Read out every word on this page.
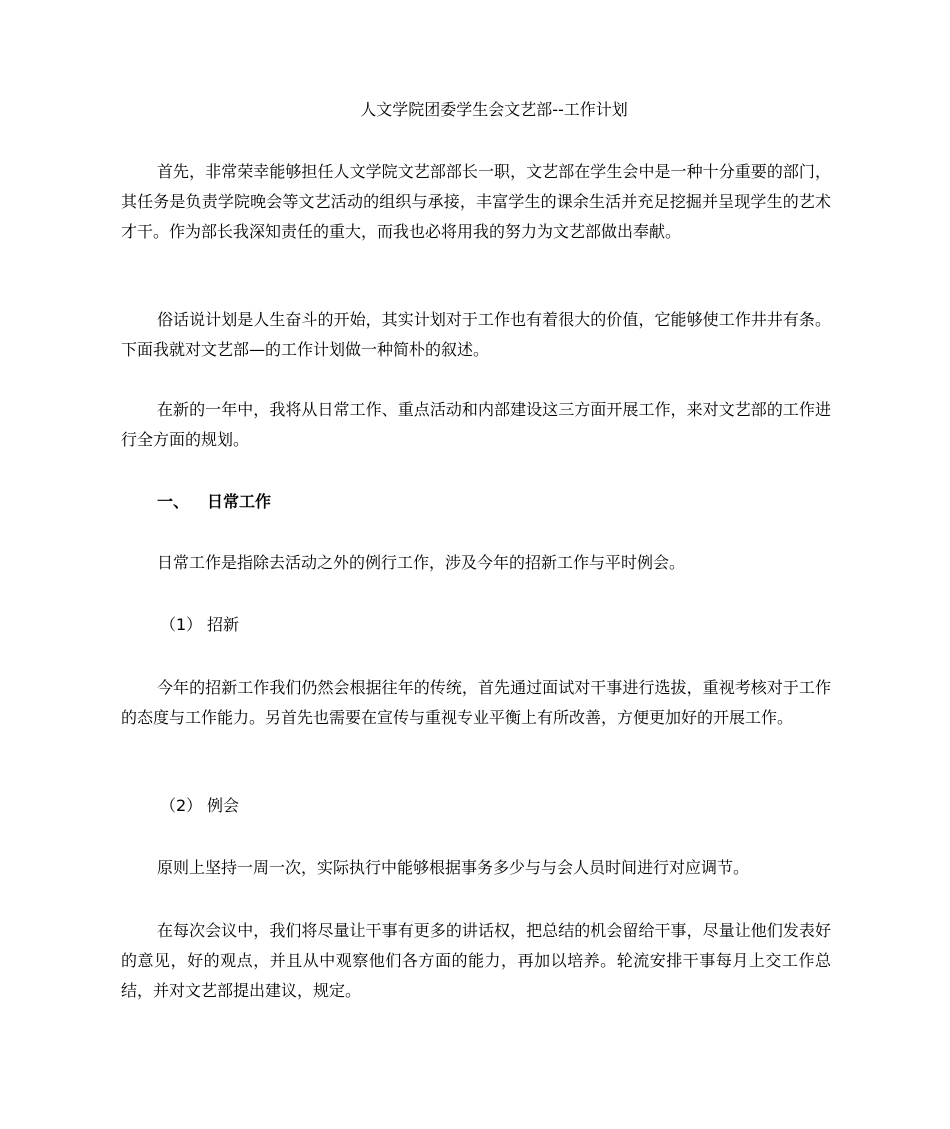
人文学院团委学生会文艺部--工作计划

首先，非常荣幸能够担任人文学院文艺部部长一职，文艺部在学生会中是一种十分重要的部门，其任务是负责学院晚会等文艺活动的组织与承接，丰富学生的课余生活并充足挖掘并呈现学生的艺术才干。作为部长我深知责任的重大，而我也必将用我的努力为文艺部做出奉献。

俗话说计划是人生奋斗的开始，其实计划对于工作也有着很大的价值，它能够使工作井井有条。下面我就对文艺部—的工作计划做一种简朴的叙述。

在新的一年中，我将从日常工作、重点活动和内部建设这三方面开展工作，来对文艺部的工作进行全方面的规划。

一、 日常工作

日常工作是指除去活动之外的例行工作，涉及今年的招新工作与平时例会。

（1） 招新

今年的招新工作我们仍然会根据往年的传统，首先通过面试对干事进行选拔，重视考核对于工作的态度与工作能力。另首先也需要在宣传与重视专业平衡上有所改善，方便更加好的开展工作。

（2） 例会

原则上坚持一周一次，实际执行中能够根据事务多少与与会人员时间进行对应调节。

在每次会议中，我们将尽量让干事有更多的讲话权，把总结的机会留给干事，尽量让他们发表好的意见，好的观点，并且从中观察他们各方面的能力，再加以培养。轮流安排干事每月上交工作总结，并对文艺部提出建议，规定。
